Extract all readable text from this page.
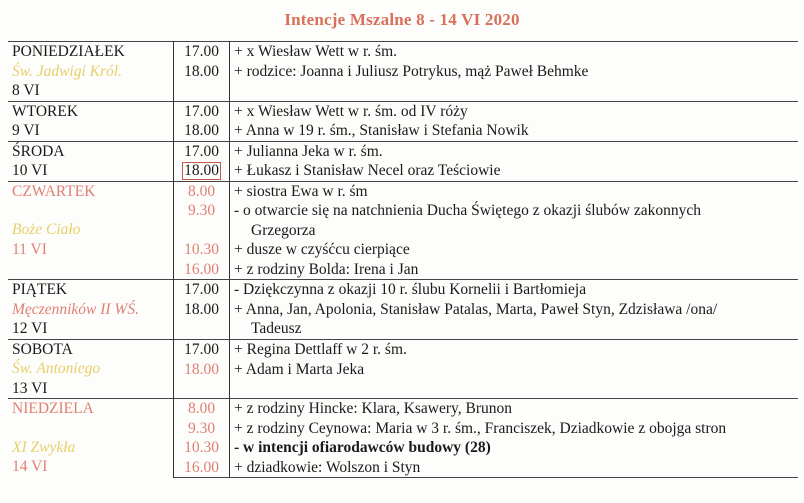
Intencje Mszalne 8 - 14 VI 2020
PONIEDZIAŁEK
Św. Jadwigi Król.
8 VI	17.00	+ x Wiesław Wett w r. śm.
	18.00	+ rodzice: Joanna i Juliusz Potrykus, mąż Paweł Behmke
WTOREK
9 VI	17.00	+ x Wiesław Wett w r. śm. od IV róży
	18.00	+ Anna w 19 r. śm., Stanisław i Stefania Nowik
ŚRODA
10 VI	17.00	+ Julianna Jeka w r. śm.
	18.00	+ Łukasz i Stanisław Necel oraz Teściowie
CZWARTEK
Boże Ciało
11 VI	8.00	+ siostra Ewa w r. śm
	9.30	- o otwarcie się na natchnienia Ducha Świętego z okazji ślubów zakonnych
Grzegorza

	10.30	+ dusze w czyśćcu cierpiące
	16.00	+ z rodziny Bolda: Irena i Jan
PIĄTEK
Męczenników II WŚ.
12 VI	17.00	- Dziękczynna z okazji 10 r. ślubu Kornelii i Bartłomieja
	18.00	+ Anna, Jan, Apolonia, Stanisław Patalas, Marta, Paweł Styn, Zdzisława /ona/
Tadeusz

SOBOTA
Św. Antoniego
13 VI	17.00	+ Regina Dettlaff w 2 r. śm.
	18.00	+ Adam i Marta Jeka
NIEDZIELA
XI Zwykła
14 VI	8.00	+ z rodziny Hincke: Klara, Ksawery, Brunon
	9.30	+ z rodziny Ceynowa: Maria w 3 r. śm., Franciszek, Dziadkowie z obojga stron
	10.30	- w intencji ofiarodawców budowy (28)
	16.00	+ dziadkowie: Wolszon i Styn
